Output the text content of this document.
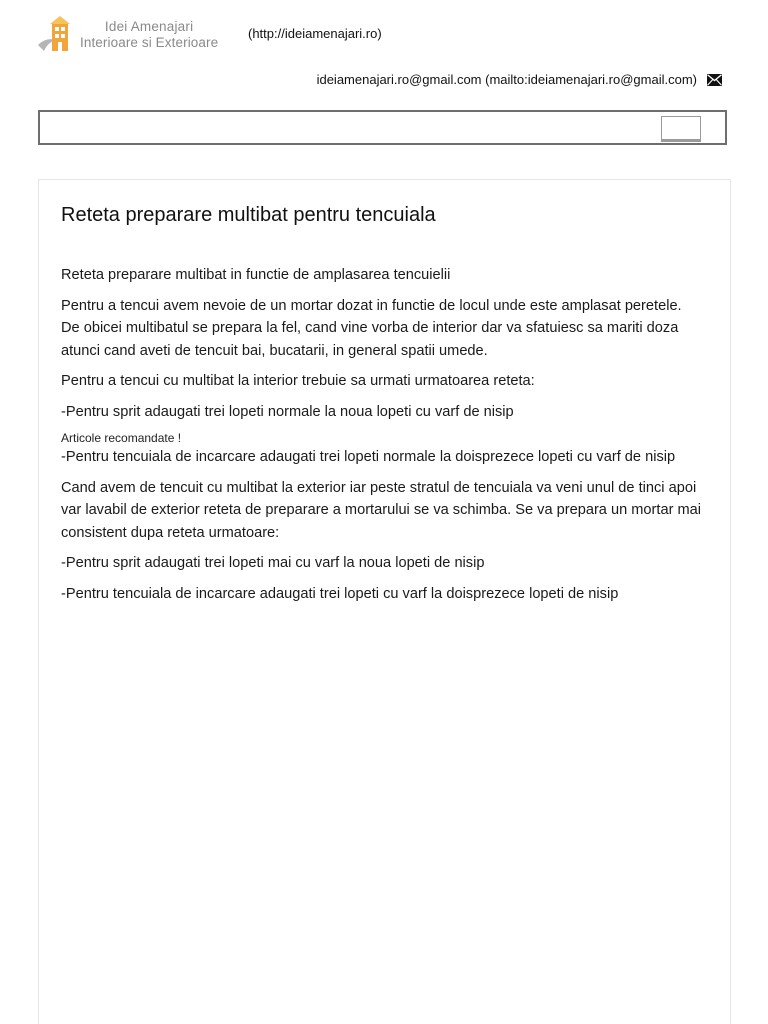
Idei Amenajari
Interioare si Exterioare
(http://ideiamenajari.ro)
ideiamenajari.ro@gmail.com (mailto:ideiamenajari.ro@gmail.com)
Reteta preparare multibat pentru tencuiala

Reteta preparare multibat in functie de amplasarea tencuielii

Pentru a tencui avem nevoie de un mortar dozat in functie de locul unde este amplasat peretele. De obicei multibatul se prepara la fel, cand vine vorba de interior dar va sfatuiesc sa mariti doza atunci cand aveti de tencuit bai, bucatarii, in general spatii umede.

Pentru a tencui cu multibat la interior trebuie sa urmati urmatoarea reteta:

-Pentru sprit adaugati trei lopeti normale la noua lopeti cu varf de nisip

Articole recomandate !

-Pentru tencuiala de incarcare adaugati trei lopeti normale la doisprezece lopeti cu varf de nisip

Cand avem de tencuit cu multibat la exterior iar peste stratul de tencuiala va veni unul de tinci apoi var lavabil de exterior reteta de preparare a mortarului se va schimba. Se va prepara un mortar mai consistent dupa reteta urmatoare:

-Pentru sprit adaugati trei lopeti mai cu varf la noua lopeti de nisip

-Pentru tencuiala de incarcare adaugati trei lopeti cu varf la doisprezece lopeti de nisip
